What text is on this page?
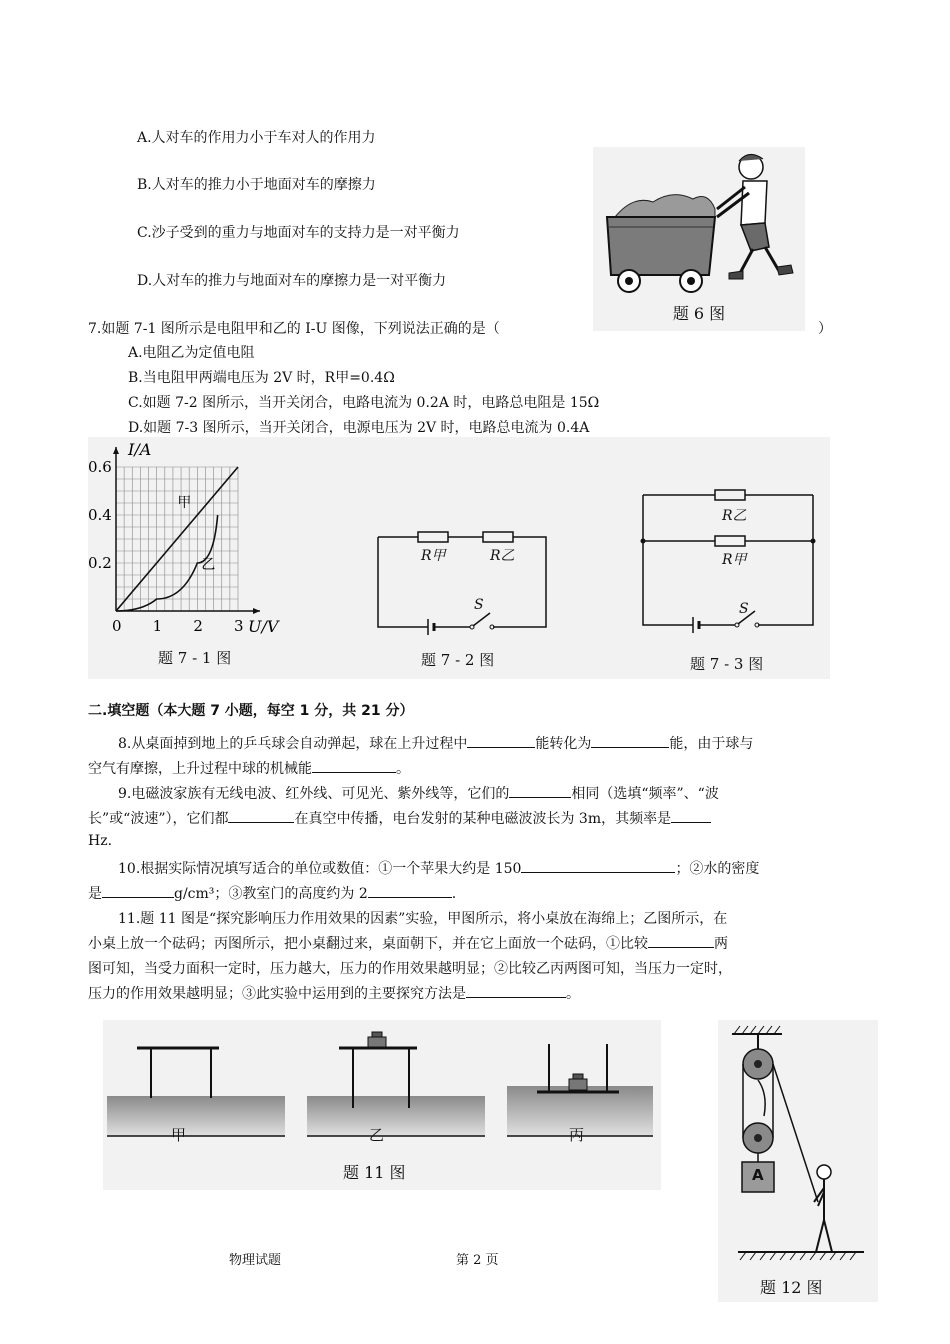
A.人对车的作用力小于车对人的作用力
B.人对车的推力小于地面对车的摩擦力
C.沙子受到的重力与地面对车的支持力是一对平衡力
D.人对车的推力与地面对车的摩擦力是一对平衡力
题 6 图
7.如题 7-1 图所示是电阻甲和乙的 I-U 图像，下列说法正确的是（	）
A.电阻乙为定值电阻
B.当电阻甲两端电压为 2V 时，R甲=0.4Ω
C.如题 7-2 图所示，当开关闭合，电路电流为 0.2A 时，电路总电阻是 15Ω
D.如题 7-3 图所示，当开关闭合，电源电压为 2V 时，电路总电流为 0.4A
0 1 2 3
0.2
0.4
0.6
甲
乙
I/A
U/V
题 7 - 1 图
R甲	R乙
S
题 7 - 2 图
R乙
R甲
S
题 7 - 3 图
二.填空题（本大题 7 小题，每空 1 分，共 21 分）
8.从桌面掉到地上的乒乓球会自动弹起，球在上升过程中	能转化为	能，由于球与
空气有摩擦，上升过程中球的机械能	。
9.电磁波家族有无线电波、红外线、可见光、紫外线等，它们的	相同（选填“频率”、“波
长”或“波速”），它们都	在真空中传播，电台发射的某种电磁波波长为 3m，其频率是
Hz.
10.根据实际情况填写适合的单位或数值：①一个苹果大约是 150	；②水的密度
是	g/cm³；③教室门的高度约为 2	.
11.题 11 图是“探究影响压力作用效果的因素”实验，甲图所示，将小桌放在海绵上；乙图所示，在
小桌上放一个砝码；丙图所示，把小桌翻过来，桌面朝下，并在它上面放一个砝码，①比较	两
图可知，当受力面积一定时，压力越大，压力的作用效果越明显；②比较乙丙两图可知，当压力一定时，
压力的作用效果越明显；③此实验中运用到的主要探究方法是	。
甲	乙	丙
题 11 图	A
题 12 图
物理试题	第 2 页
